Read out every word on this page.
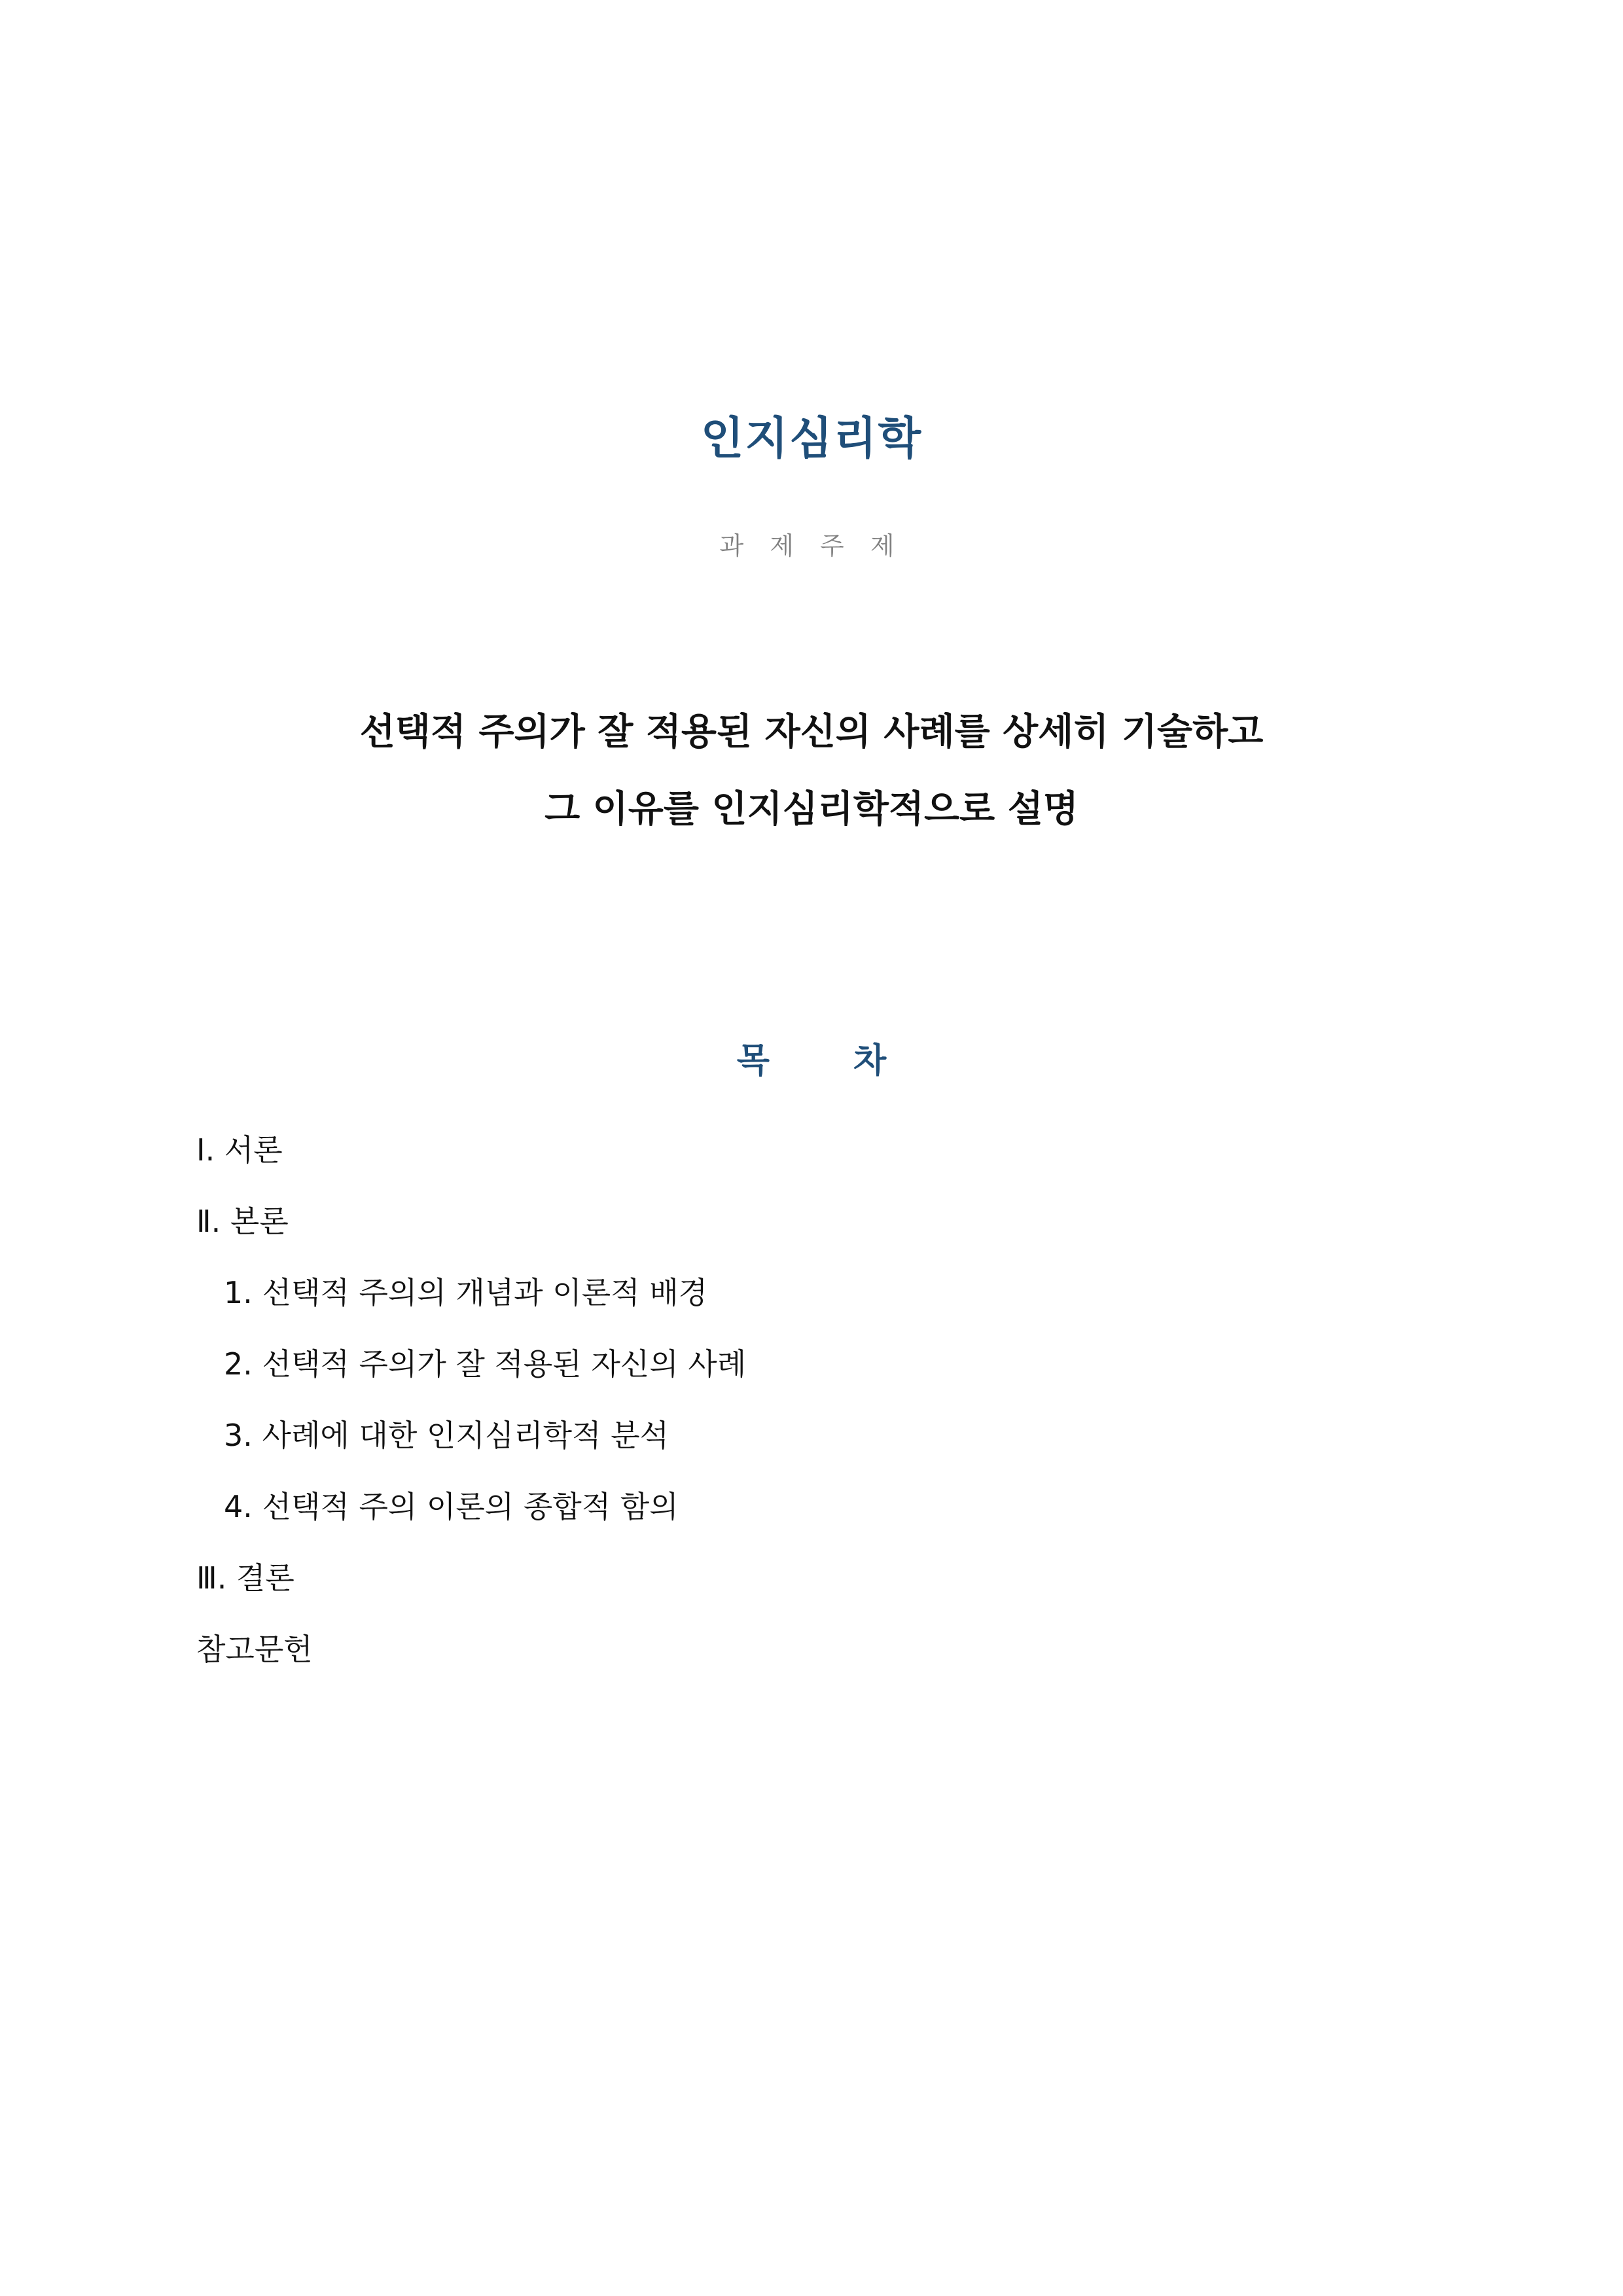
인지심리학
과 제 주 제
선택적 주의가 잘 적용된 자신의 사례를 상세히 기술하고
그 이유를 인지심리학적으로 설명
목 차
Ⅰ. 서론
Ⅱ. 본론
1. 선택적 주의의 개념과 이론적 배경
2. 선택적 주의가 잘 적용된 자신의 사례
3. 사례에 대한 인지심리학적 분석
4. 선택적 주의 이론의 종합적 함의
Ⅲ. 결론
참고문헌
